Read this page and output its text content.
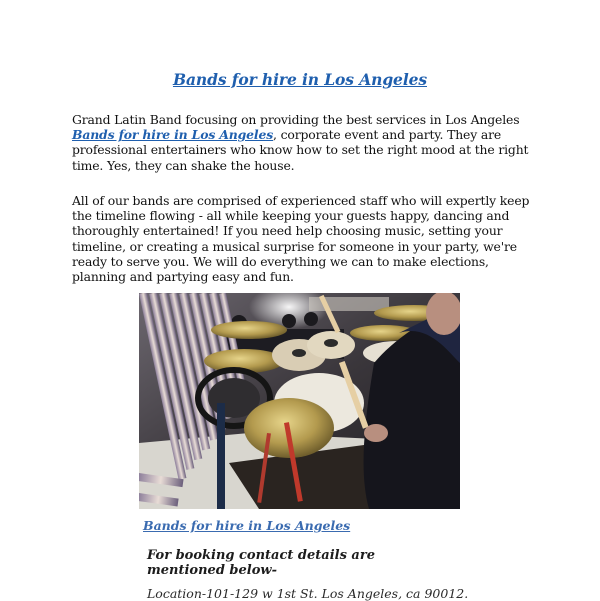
Bands for hire in Los Angeles
Grand Latin Band focusing on providing the best services in Los Angeles Bands for hire in Los Angeles, corporate event and party. They are professional entertainers who know how to set the right mood at the right time. Yes, they can shake the house.
All of our bands are comprised of experienced staff who will expertly keep the timeline flowing - all while keeping your guests happy, dancing and thoroughly entertained! If you need help choosing music, setting your timeline, or creating a musical surprise for someone in your party, we're ready to serve you. We will do everything we can to make elections, planning and partying easy and fun.
Bands for hire in Los Angeles
For booking contact details are mentioned below-
Location-101-129 w 1st St. Los Angeles, ca 90012.
